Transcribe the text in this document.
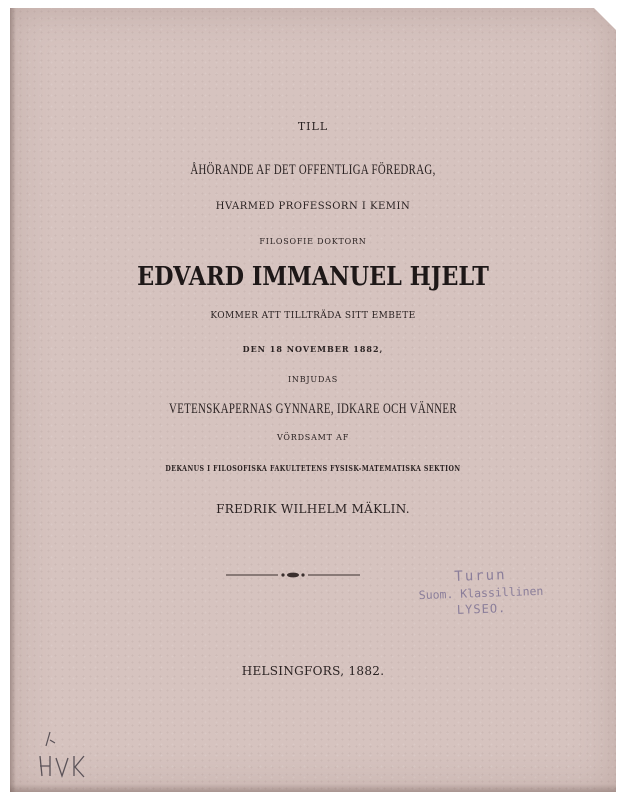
TILL
ÅHÖRANDE AF DET OFFENTLIGA FÖREDRAG,
HVARMED PROFESSORN I KEMIN
FILOSOFIE DOKTORN
EDVARD IMMANUEL HJELT
KOMMER ATT TILLTRÄDA SITT EMBETE
DEN 18 NOVEMBER 1882,
INBJUDAS
VETENSKAPERNAS GYNNARE, IDKARE OCH VÄNNER
VÖRDSAMT AF
DEKANUS I FILOSOFISKA FAKULTETENS FYSISK-MATEMATISKA SEKTION
FREDRIK WILHELM MÄKLIN.
Turun
Suom. Klassillinen
LYSEO.
HELSINGFORS, 1882.
